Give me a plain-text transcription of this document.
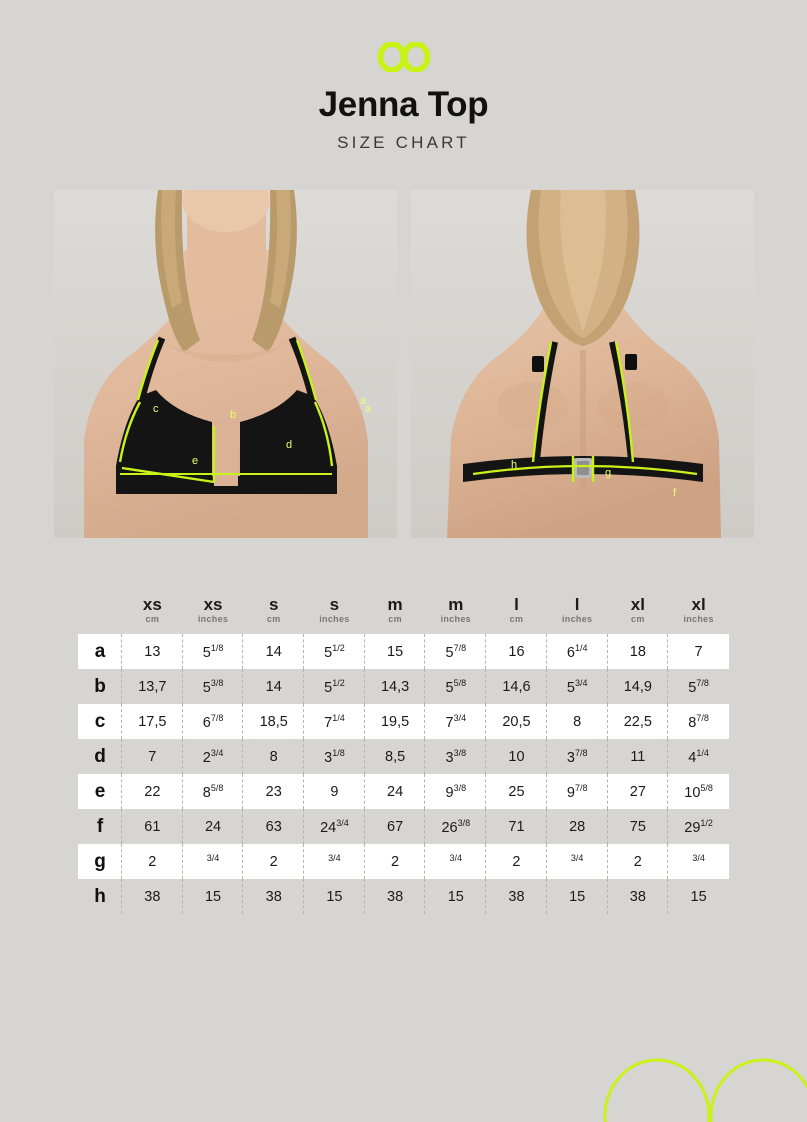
Jenna Top
SIZE CHART
c	b	a
d
e
a
h
g
f
	xs	xs	s	s	m	m	l	l	xl	xl
	cm	inches	cm	inches	cm	inches	cm	inches	cm	inches
a	13	$5^{1/8}$	14	$5^{1/2}$	15	$5^{7/8}$	16	$6^{1/4}$	18	7
b	13,7	$5^{3/8}$	14	$5^{1/2}$	14,3	$5^{5/8}$	14,6	$5^{3/4}$	14,9	$5^{7/8}$
c	17,5	$6^{7/8}$	18,5	$7^{1/4}$	19,5	$7^{3/4}$	20,5	8	22,5	$8^{7/8}$
d	7	$2^{3/4}$	8	$3^{1/8}$	8,5	$3^{3/8}$	10	$3^{7/8}$	11	$4^{1/4}$
e	22	$8^{5/8}$	23	9	24	$9^{3/8}$	25	$9^{7/8}$	27	$10^{5/8}$
f	61	24	63	$24^{3/4}$	67	$26^{3/8}$	71	28	75	$29^{1/2}$
g	2	$^{3/4}$	2	$^{3/4}$	2	$^{3/4}$	2	$^{3/4}$	2	$^{3/4}$
h	38	15	38	15	38	15	38	15	38	15
